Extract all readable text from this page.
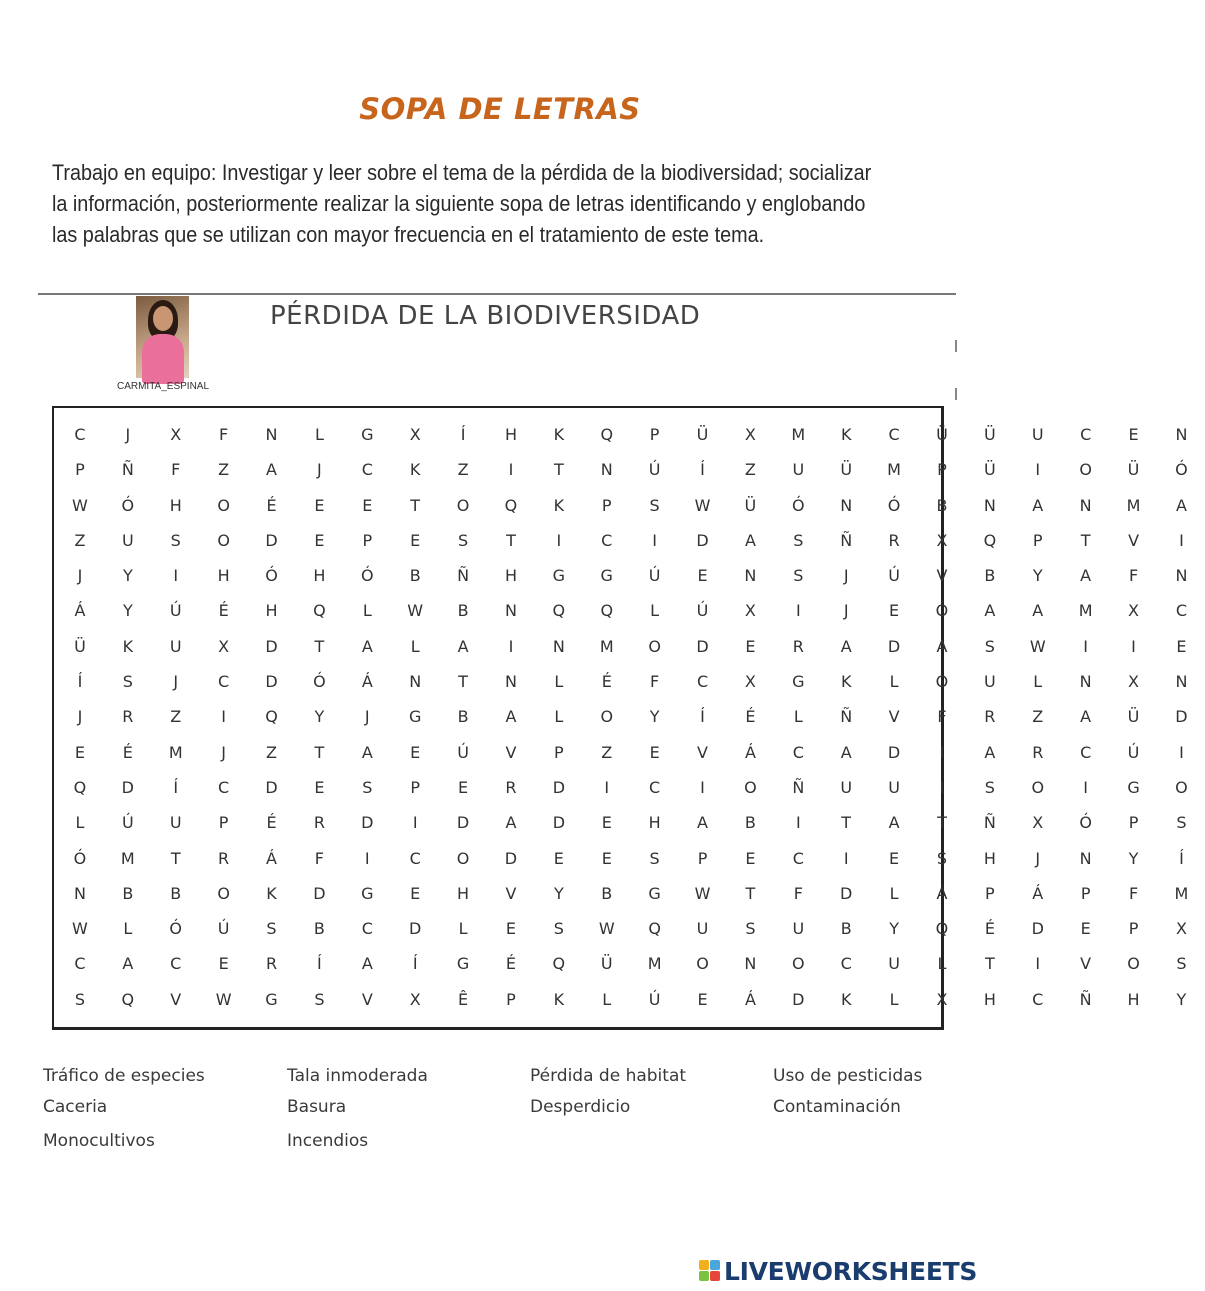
SOPA DE LETRAS
Trabajo en equipo: Investigar y leer sobre el tema de la pérdida de la biodiversidad; socializar
la información, posteriormente realizar la siguiente sopa de letras identificando y englobando
las palabras que se utilizan con mayor frecuencia en el tratamiento de este tema.
CARMITA_ESPINAL
PÉRDIDA DE LA BIODIVERSIDAD
C J	X F N L G X	Í H K Q P Ü X M K C Ü Ü U C E N
P Ñ F Z A	J C K Z	I	T N Ú Í	Z U Ü M P Ü I O Ü Ó
W Ó H O É E E T O Q K P S W Ü Ó N Ó B N A N M A
Z U S O D E P E S T	I C I D A S Ñ R X Q P T V	I
J	Y	I H Ó H Ó B Ñ H G G Ú E N S	J Ú V B Y A F N
Á Y Ú É H Q L W B N Q Q L Ú X	I	J	E Ó A A M X C
Ü K U X D T A L A	I N M O D E R A D A S W I	I	E
Í	S	J C D Ó Á N T N L É F C X G K L O U L N X N
J R Z	I Q Y	J G B A L O Y	Í	É L Ñ V F R Z A Ü D
E É M J	Z T A E Ú V P Z E V Á C A D I	A R C Ú I
Q D Í C D E S P E R D I C I O Ñ U U I	S O I G O
L Ú U P É R D I D A D E H A B	I	T A T Ñ X Ó P S
Ó M T R Á F	I C O D E E S P E C I	E S H J N Y	Í
N B B O K D G E H V Y B G W T F D L Á P Á P F M
W L Ó Ú S B C D L E S W Q U S U B Y Q É D E P X
C A C E R Í	A	Í G É Q Ü M O N O C U L T	I	V O S
S Q V W G S V X Ê P K L Ú E Á D K L X H C Ñ H Y
Tráfico de especies
Caceria
Monocultivos
Tala inmoderada
Basura
Incendios
Pérdida de habitat
Desperdicio
Uso de pesticidas
Contaminación
LIVEWORKSHEETS
